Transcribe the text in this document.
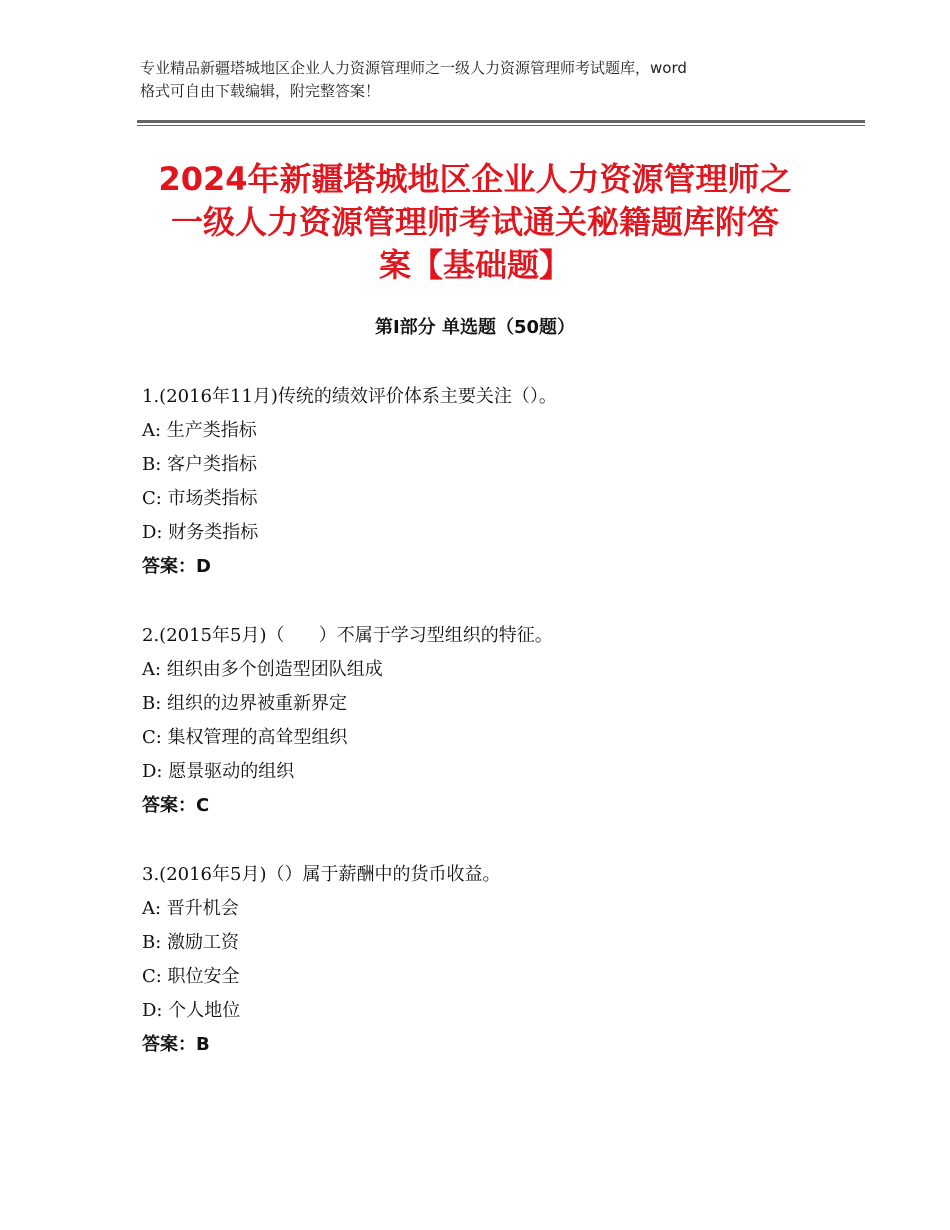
专业精品新疆塔城地区企业人力资源管理师之一级人力资源管理师考试题库，word
格式可自由下载编辑，附完整答案！
2024年新疆塔城地区企业人力资源管理师之
一级人力资源管理师考试通关秘籍题库附答
案【基础题】
第Ⅰ部分 单选题（50题）
1.(2016年11月)传统的绩效评价体系主要关注（）。
A: 生产类指标
B: 客户类指标
C: 市场类指标
D: 财务类指标
答案：D
2.(2015年5月)（      ）不属于学习型组织的特征。
A: 组织由多个创造型团队组成
B: 组织的边界被重新界定
C: 集权管理的高耸型组织
D: 愿景驱动的组织
答案：C
3.(2016年5月)（）属于薪酬中的货币收益。
A: 晋升机会
B: 激励工资
C: 职位安全
D: 个人地位
答案：B
